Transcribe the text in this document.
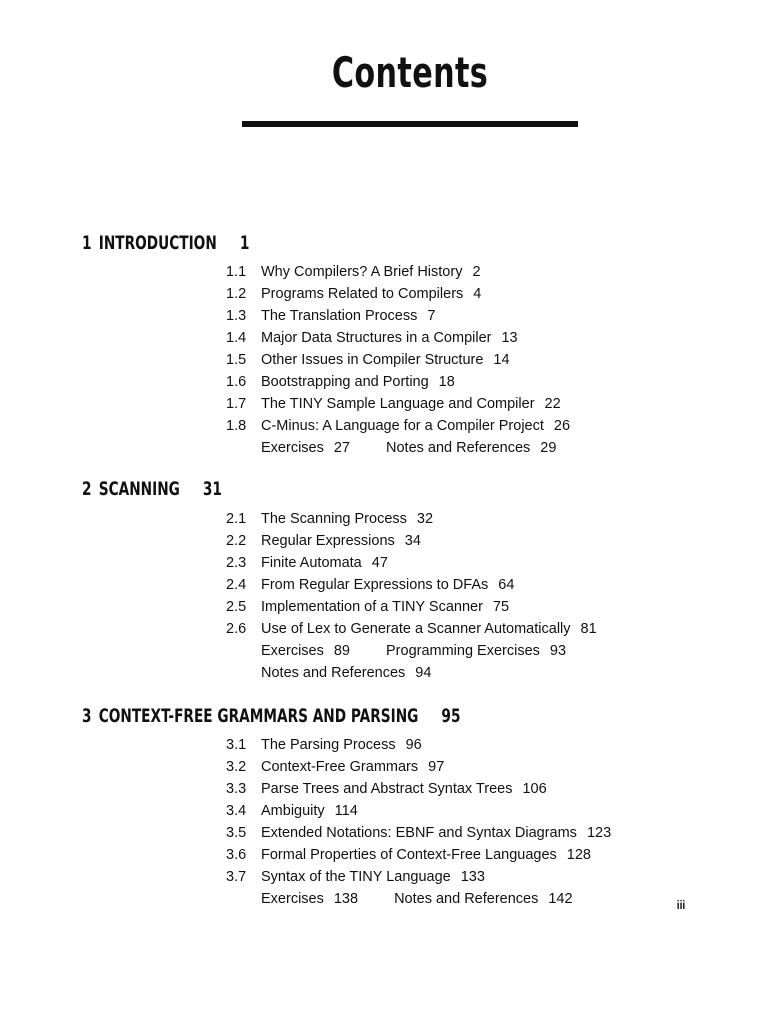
Contents
1 INTRODUCTION 1
1.1 Why Compilers? A Brief History 2
1.2 Programs Related to Compilers 4
1.3 The Translation Process 7
1.4 Major Data Structures in a Compiler 13
1.5 Other Issues in Compiler Structure 14
1.6 Bootstrapping and Porting 18
1.7 The TINY Sample Language and Compiler 22
1.8 C-Minus: A Language for a Compiler Project 26
Exercises 27 Notes and References 29
2 SCANNING 31
2.1 The Scanning Process 32
2.2 Regular Expressions 34
2.3 Finite Automata 47
2.4 From Regular Expressions to DFAs 64
2.5 Implementation of a TINY Scanner 75
2.6 Use of Lex to Generate a Scanner Automatically 81
Exercises 89 Programming Exercises 93
Notes and References 94
3 CONTEXT-FREE GRAMMARS AND PARSING 95
3.1 The Parsing Process 96
3.2 Context-Free Grammars 97
3.3 Parse Trees and Abstract Syntax Trees 106
3.4 Ambiguity 114
3.5 Extended Notations: EBNF and Syntax Diagrams 123
3.6 Formal Properties of Context-Free Languages 128
3.7 Syntax of the TINY Language 133
Exercises 138 Notes and References 142	iii
